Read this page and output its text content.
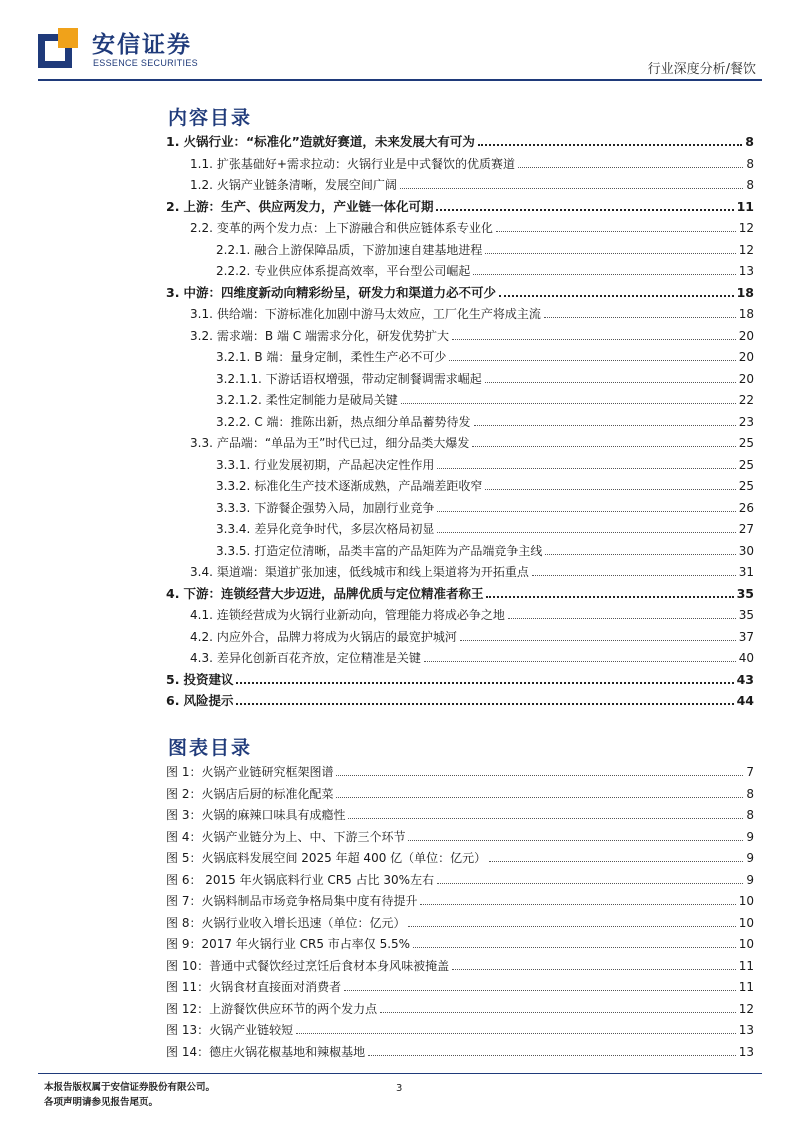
安信证券
ESSENCE SECURITIES	行业深度分析/餐饮
内容目录
1. 火锅行业：“标准化”造就好赛道，未来发展大有可为	8
1.1. 扩张基础好+需求拉动：火锅行业是中式餐饮的优质赛道	8
1.2. 火锅产业链条清晰，发展空间广阔	8
2. 上游：生产、供应两发力，产业链一体化可期	11
2.2. 变革的两个发力点：上下游融合和供应链体系专业化	12
2.2.1. 融合上游保障品质，下游加速自建基地进程	12
2.2.2. 专业供应体系提高效率，平台型公司崛起	13
3. 中游：四维度新动向精彩纷呈，研发力和渠道力必不可少	18
3.1. 供给端：下游标准化加剧中游马太效应，工厂化生产将成主流	18
3.2. 需求端：B 端 C 端需求分化，研发优势扩大	20
3.2.1. B 端：量身定制，柔性生产必不可少	20
3.2.1.1. 下游话语权增强，带动定制餐调需求崛起	20
3.2.1.2. 柔性定制能力是破局关键	22
3.2.2. C 端：推陈出新，热点细分单品蓄势待发	23
3.3. 产品端：“单品为王”时代已过，细分品类大爆发	25
3.3.1. 行业发展初期，产品起决定性作用	25
3.3.2. 标准化生产技术逐渐成熟，产品端差距收窄	25
3.3.3. 下游餐企强势入局，加剧行业竞争	26
3.3.4. 差异化竞争时代，多层次格局初显	27
3.3.5. 打造定位清晰，品类丰富的产品矩阵为产品端竞争主线	30
3.4. 渠道端：渠道扩张加速，低线城市和线上渠道将为开拓重点	31
4. 下游：连锁经营大步迈进，品牌优质与定位精准者称王	35
4.1. 连锁经营成为火锅行业新动向，管理能力将成必争之地	35
4.2. 内应外合，品牌力将成为火锅店的最宽护城河	37
4.3. 差异化创新百花齐放，定位精准是关键	40
5. 投资建议	43
6. 风险提示	44
图表目录
图 1：火锅产业链研究框架图谱	7
图 2：火锅店后厨的标准化配菜	8
图 3：火锅的麻辣口味具有成瘾性	8
图 4：火锅产业链分为上、中、下游三个环节	9
图 5：火锅底料发展空间 2025 年超 400 亿（单位：亿元）	9
图 6： 2015 年火锅底料行业 CR5 占比 30%左右	9
图 7：火锅料制品市场竞争格局集中度有待提升	10
图 8：火锅行业收入增长迅速（单位：亿元）	10
图 9：2017 年火锅行业 CR5 市占率仅 5.5%	10
图 10：普通中式餐饮经过烹饪后食材本身风味被掩盖	11
图 11：火锅食材直接面对消费者	11
图 12：上游餐饮供应环节的两个发力点	12
图 13：火锅产业链较短	13
图 14：德庄火锅花椒基地和辣椒基地	13
本报告版权属于安信证券股份有限公司。
各项声明请参见报告尾页。
3
